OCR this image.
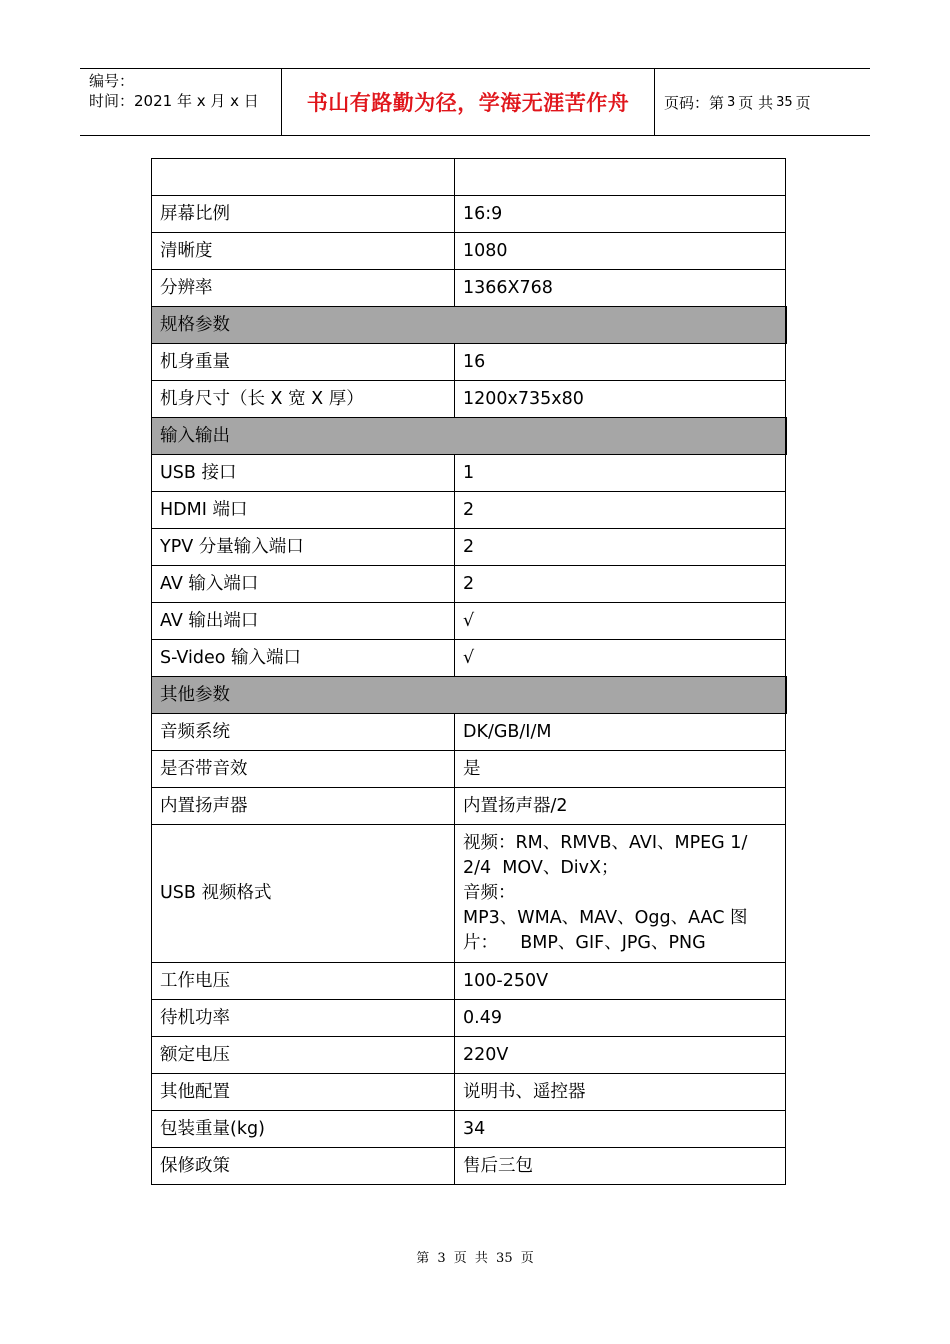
编号：
时间：2021 年 x 月 x 日	书山有路勤为径，学海无涯苦作舟	页码：第 3 页 共 35 页

屏幕比例	16:9
清晰度	1080
分辨率	1366X768
规格参数	
机身重量	16
机身尺寸（长 X 宽 X 厚）	1200x735x80
输入输出	
USB 接口	1
HDMI 端口	2
YPV 分量输入端口	2
AV 输入端口	2
AV 输出端口	√
S-Video 输入端口	√
其他参数	
音频系统	DK/GB/I/M
是否带音效	是
内置扬声器	内置扬声器/2
USB 视频格式	视频：RM、RMVB、AVI、MPEG 1/
2/4  MOV、DivX；
音频：
MP3、WMA、MAV、Ogg、AAC 图
片：    BMP、GIF、JPG、PNG

工作电压	100-250V
待机功率	0.49
额定电压	220V
其他配置	说明书、遥控器
包装重量(kg)	34
保修政策	售后三包
第 3 页 共 35 页
